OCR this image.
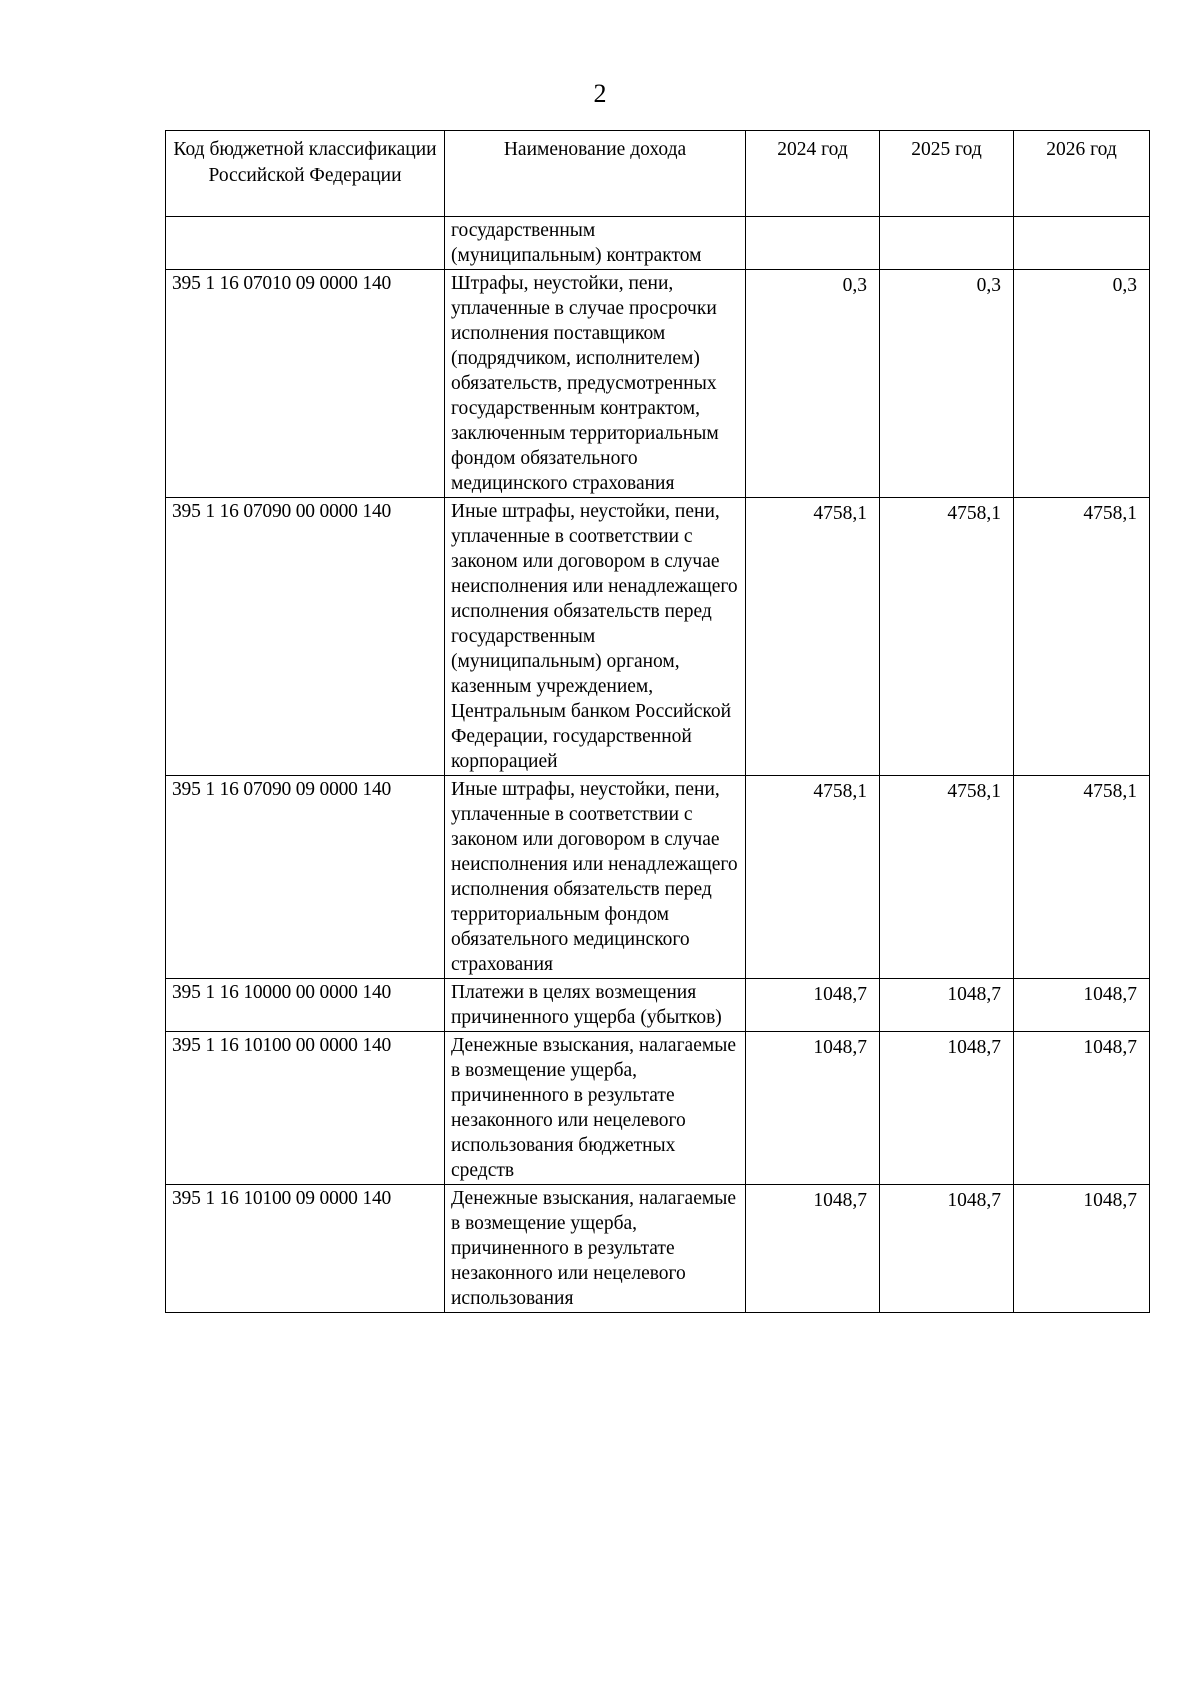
2
Код бюджетной классификации Российской Федерации	Наименование дохода	2024 год	2025 год	2026 год
	государственным (муниципальным) контрактом			
395 1 16 07010 09 0000 140	Штрафы, неустойки, пени, уплаченные в случае просрочки исполнения поставщиком (подрядчиком, исполнителем) обязательств, предусмотренных государственным контрактом, заключенным территориальным фондом обязательного медицинского страхования	0,3	0,3	0,3
395 1 16 07090 00 0000 140	Иные штрафы, неустойки, пени, уплаченные в соответствии с законом или договором в случае неисполнения или ненадлежащего исполнения обязательств перед государственным (муниципальным) органом, казенным учреждением, Центральным банком Российской Федерации, государственной корпорацией	4758,1	4758,1	4758,1
395 1 16 07090 09 0000 140	Иные штрафы, неустойки, пени, уплаченные в соответствии с законом или договором в случае неисполнения или ненадлежащего исполнения обязательств перед территориальным фондом обязательного медицинского страхования	4758,1	4758,1	4758,1
395 1 16 10000 00 0000 140	Платежи в целях возмещения причиненного ущерба (убытков)	1048,7	1048,7	1048,7
395 1 16 10100 00 0000 140	Денежные взыскания, налагаемые в возмещение ущерба, причиненного в результате незаконного или нецелевого использования бюджетных средств	1048,7	1048,7	1048,7
395 1 16 10100 09 0000 140	Денежные взыскания, налагаемые в возмещение ущерба, причиненного в результате незаконного или нецелевого использования	1048,7	1048,7	1048,7
